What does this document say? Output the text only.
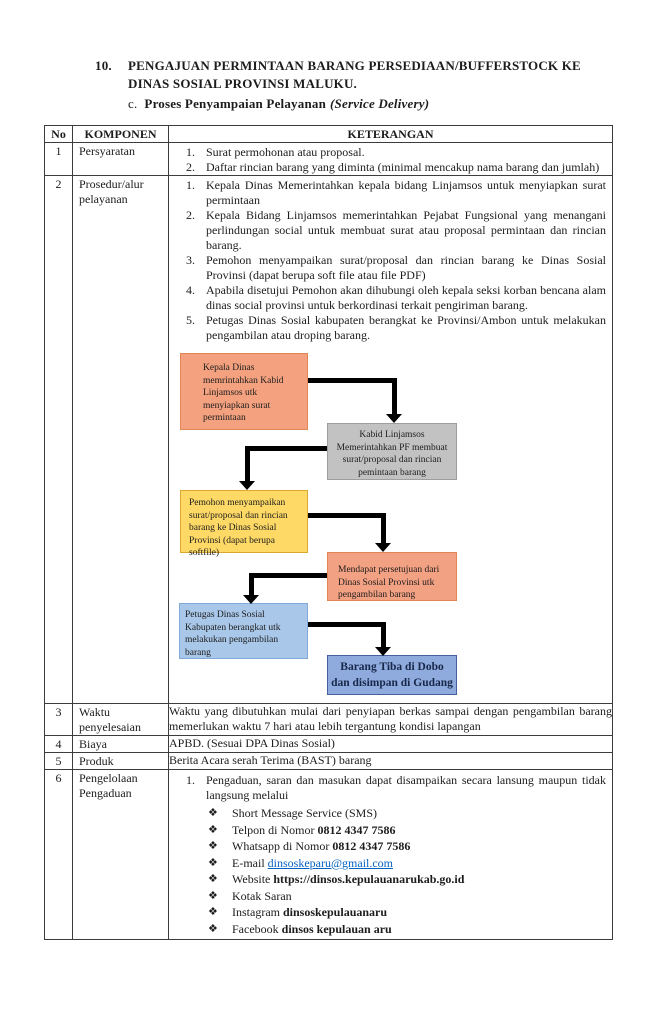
10.	PENGAJUAN PERMINTAAN BARANG PERSEDIAAN/BUFFERSTOCK KE
DINAS SOSIAL PROVINSI MALUKU.
c. Proses Penyampaian Pelayanan (Service Delivery)
No	KOMPONEN	KETERANGAN
1	Persyaratan	1. Surat permohonan atau proposal.
2. Daftar rincian barang yang diminta (minimal mencakup nama barang dan jumlah)

2	Prosedur/alur pelayanan	
1. Kepala Dinas Memerintahkan kepala bidang Linjamsos untuk menyiapkan surat permintaan
2. Kepala Bidang Linjamsos memerintahkan Pejabat Fungsional yang menangani perlindungan social untuk membuat surat atau proposal permintaan dan rincian barang.
3. Pemohon menyampaikan surat/proposal dan rincian barang ke Dinas Sosial Provinsi (dapat berupa soft file atau file PDF)
4. Apabila disetujui Pemohon akan dihubungi oleh kepala seksi korban bencana alam dinas social provinsi untuk berkordinasi terkait pengiriman barang.
5. Petugas Dinas Sosial kabupaten berangkat ke Provinsi/Ambon untuk melakukan pengambilan atau droping barang.
Kepala Dinas memrintahkan Kabid Linjamsos utk menyiapkan surat permintaan
Kabid Linjamsos Memerintahkan PF membuat surat/proposal dan rincian pemintaan barang
Pemohon menyampaikan surat/proposal dan rincian barang ke Dinas Sosial Provinsi (dapat berupa softfile)
Mendapat persetujuan dari Dinas Sosial Provinsi utk pengambilan barang
Petugas Dinas Sosial Kabupaten berangkat utk melakukan pengambilan barang
Barang Tiba di Dobo dan disimpan di Gudang

3	Waktu penyelesaian	Waktu yang dibutuhkan mulai dari penyiapan berkas sampai dengan pengambilan barang memerlukan waktu 7 hari atau lebih tergantung kondisi lapangan
4	Biaya	APBD. (Sesuai DPA Dinas Sosial)
5	Produk	Berita Acara serah Terima (BAST) barang
6	Pengelolaan Pengaduan	
1. Pengaduan, saran dan masukan dapat disampaikan secara lansung maupun tidak langsung melalui
❖	Short Message Service (SMS)
❖	Telpon di Nomor 0812 4347 7586
❖	Whatsapp di Nomor 0812 4347 7586
❖	E-mail dinsoskeparu@gmail.com
❖	Website https://dinsos.kepulauanarukab.go.id
❖	Kotak Saran
❖	Instagram dinsoskepulauanaru
❖	Facebook dinsos kepulauan aru
